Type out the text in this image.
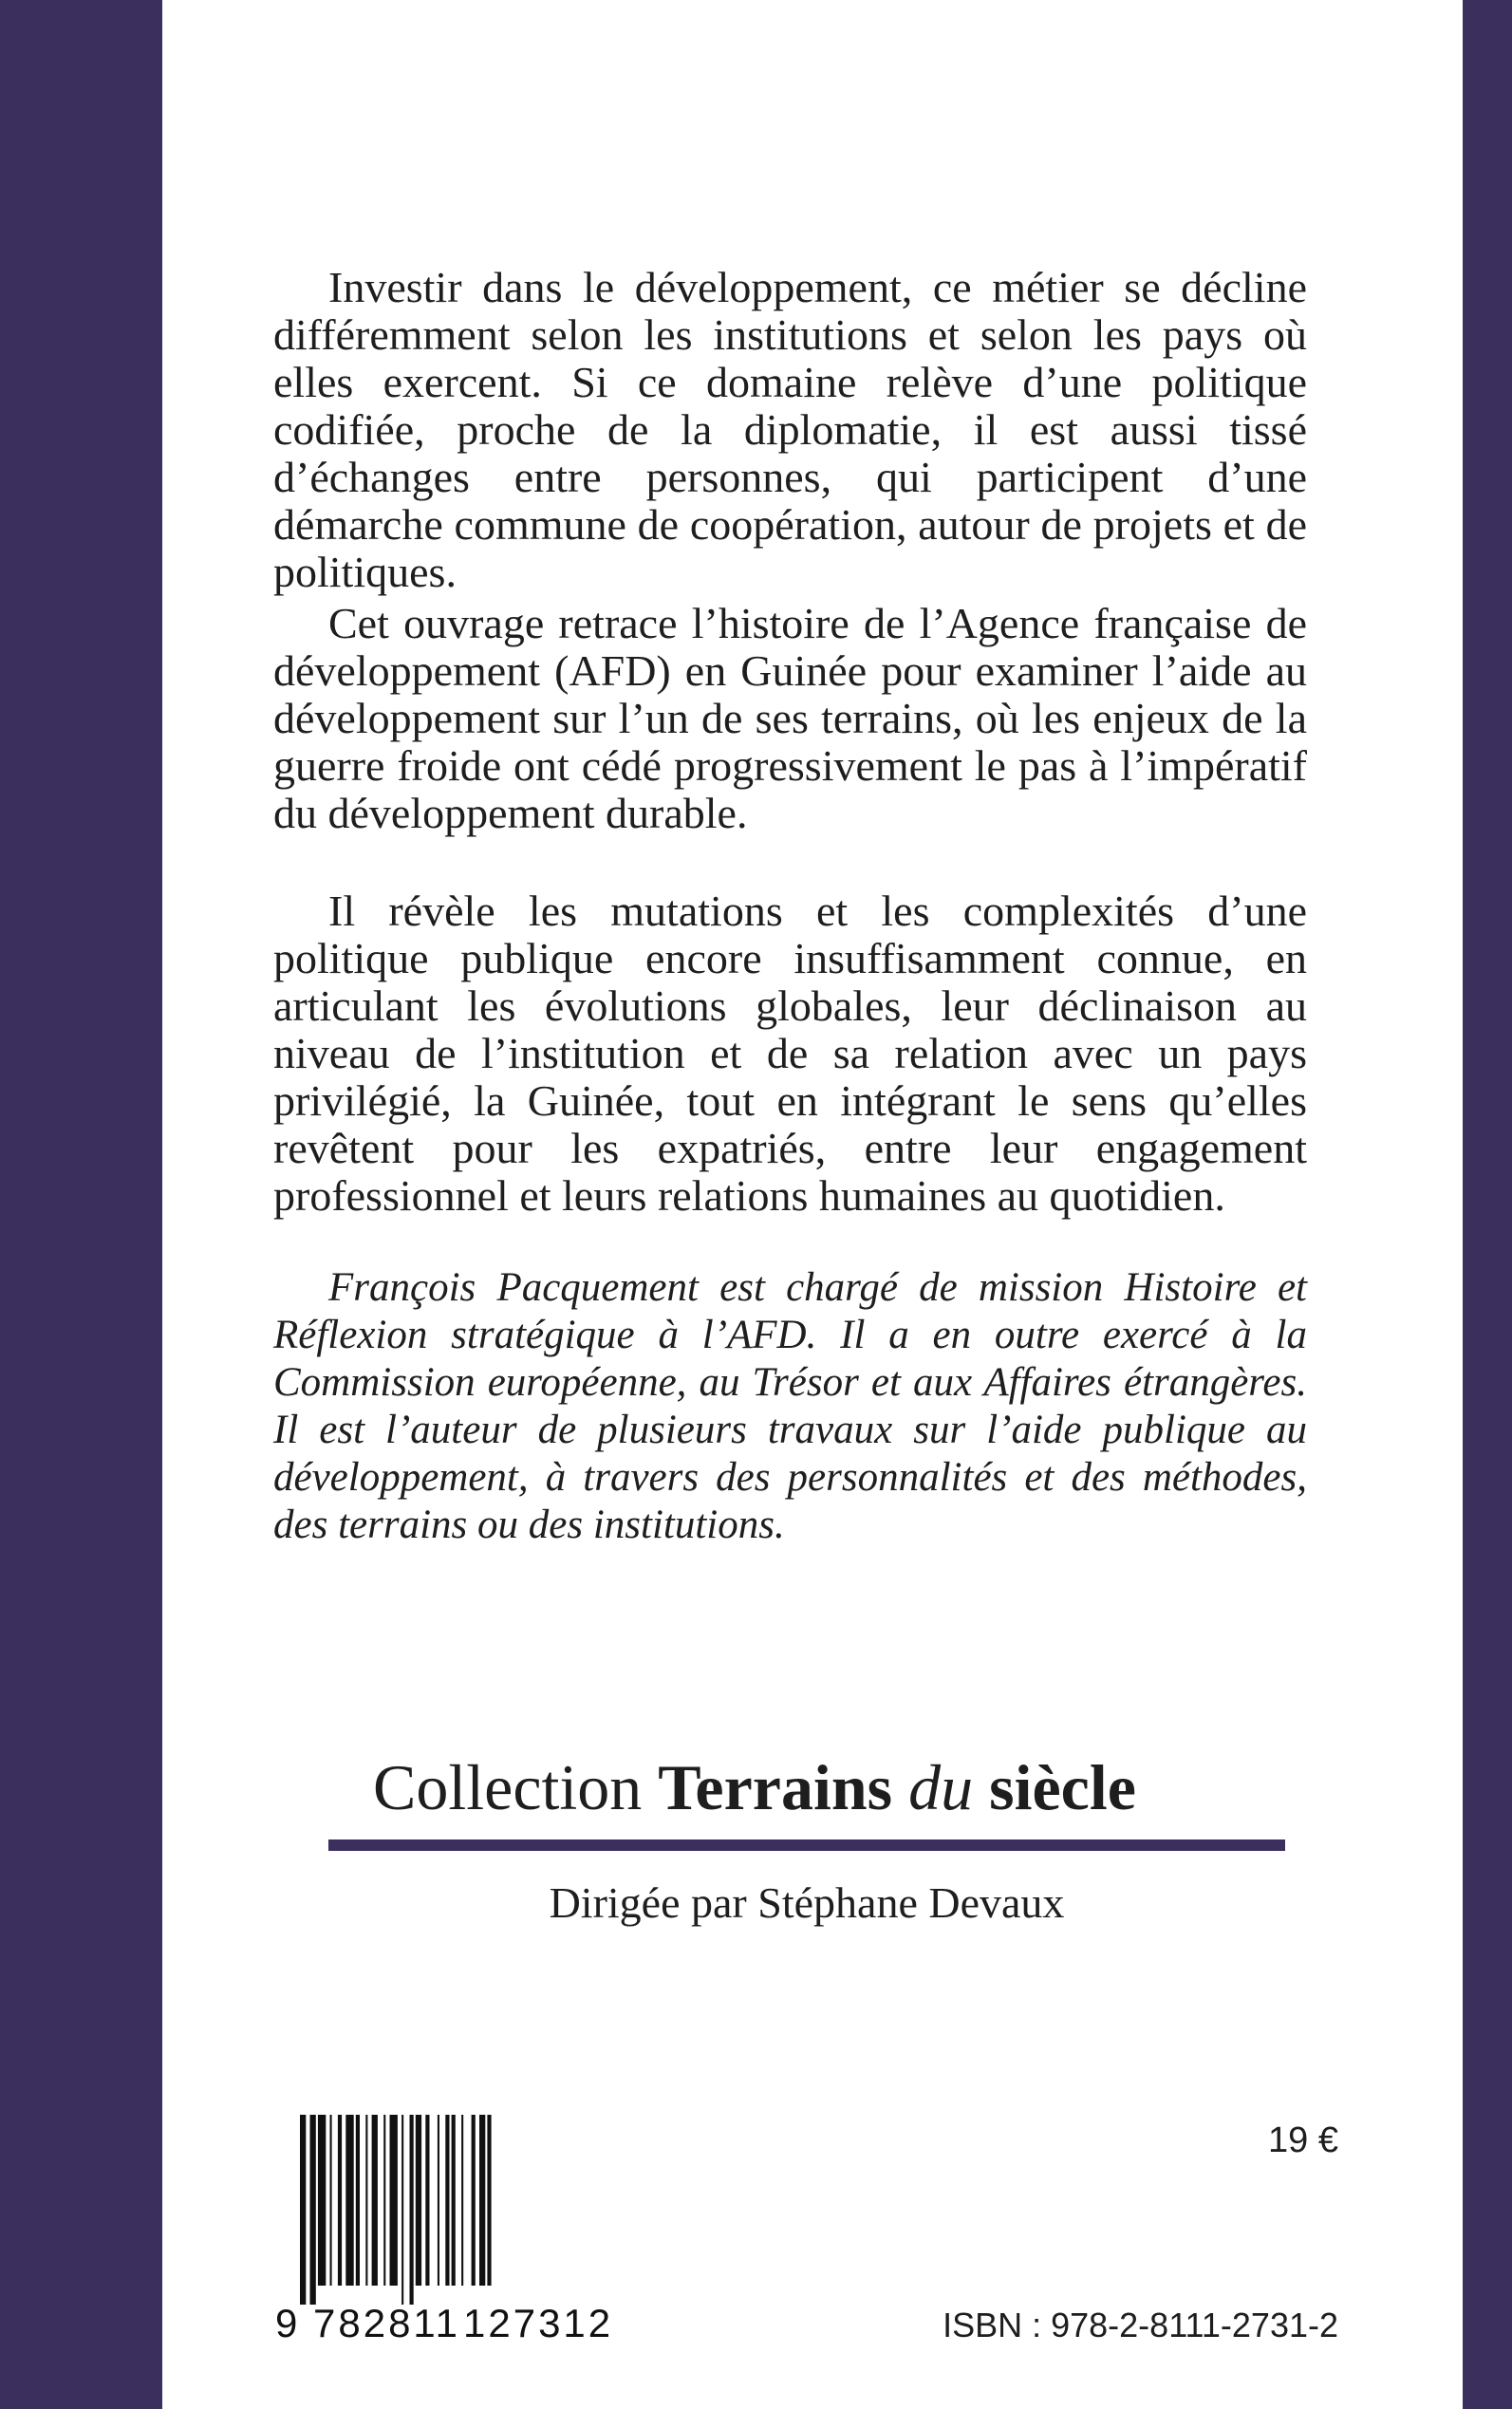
Investir dans le développement, ce métier se décline différemment selon les institutions et selon les pays où elles exercent. Si ce domaine relève d’une politique codifiée, proche de la diplomatie, il est aussi tissé d’échanges entre personnes, qui participent d’une démarche commune de coopération, autour de projets et de politiques.

Cet ouvrage retrace l’histoire de l’Agence française de développement (AFD) en Guinée pour examiner l’aide au développement sur l’un de ses terrains, où les enjeux de la guerre froide ont cédé progressivement le pas à l’impératif du développement durable.

Il révèle les mutations et les complexités d’une politique publique encore insuffisamment connue, en articulant les évolutions globales, leur déclinaison au niveau de l’institution et de sa relation avec un pays privilégié, la Guinée, tout en intégrant le sens qu’elles revêtent pour les expatriés, entre leur engagement professionnel et leurs relations humaines au quotidien.

François Pacquement est chargé de mission Histoire et Réflexion stratégique à l’AFD. Il a en outre exercé à la Commission européenne, au Trésor et aux Affaires étrangères. Il est l’auteur de plusieurs travaux sur l’aide publique au développement, à travers des personnalités et des méthodes, des terrains ou des institutions.

Collection Terrains du siècle
Dirigée par Stéphane Devaux
9 782811 127312
19 €
ISBN : 978-2-8111-2731-2
